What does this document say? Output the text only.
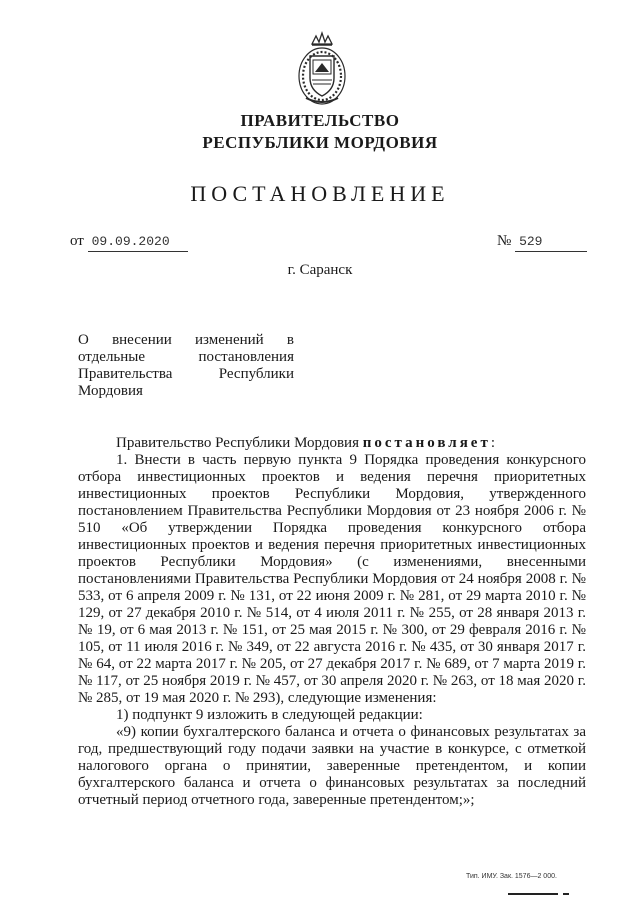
ПРАВИТЕЛЬСТВО
РЕСПУБЛИКИ МОРДОВИЯ
ПОСТАНОВЛЕНИЕ
от 09.09.2020	№ 529
г. Саранск
О внесении изменений в отдельные постановления Правительства Республики Мордовия

Правительство Республики Мордовия постановляет:

1. Внести в часть первую пункта 9 Порядка проведения конкурсного отбора инвестиционных проектов и ведения перечня приоритетных инвестиционных проектов Республики Мордовия, утвержденного постановлением Правительства Республики Мордовия от 23 ноября 2006 г. № 510 «Об утверждении Порядка проведения конкурсного отбора инвестиционных проектов и ведения перечня приоритетных инвестиционных проектов Республики Мордовия» (с изменениями, внесенными постановлениями Правительства Республики Мордовия от 24 ноября 2008 г. № 533, от 6 апреля 2009 г. № 131, от 22 июня 2009 г. № 281, от 29 марта 2010 г. № 129, от 27 декабря 2010 г. № 514, от 4 июля 2011 г. № 255, от 28 января 2013 г. № 19, от 6 мая 2013 г. № 151, от 25 мая 2015 г. № 300, от 29 февраля 2016 г. № 105, от 11 июля 2016 г. № 349, от 22 августа 2016 г. № 435, от 30 января 2017 г. № 64, от 22 марта 2017 г. № 205, от 27 декабря 2017 г. № 689, от 7 марта 2019 г. № 117, от 25 ноября 2019 г. № 457, от 30 апреля 2020 г. № 263, от 18 мая 2020 г. № 285, от 19 мая 2020 г. № 293), следующие изменения:

1) подпункт 9 изложить в следующей редакции:

«9) копии бухгалтерского баланса и отчета о финансовых результатах за год, предшествующий году подачи заявки на участие в конкурсе, с отметкой налогового органа о принятии, заверенные претендентом, и копии бухгалтерского баланса и отчета о финансовых результатах за последний отчетный период отчетного года, заверенные претендентом;»;

Тип. ИМУ. Зак. 1576—2 000.
